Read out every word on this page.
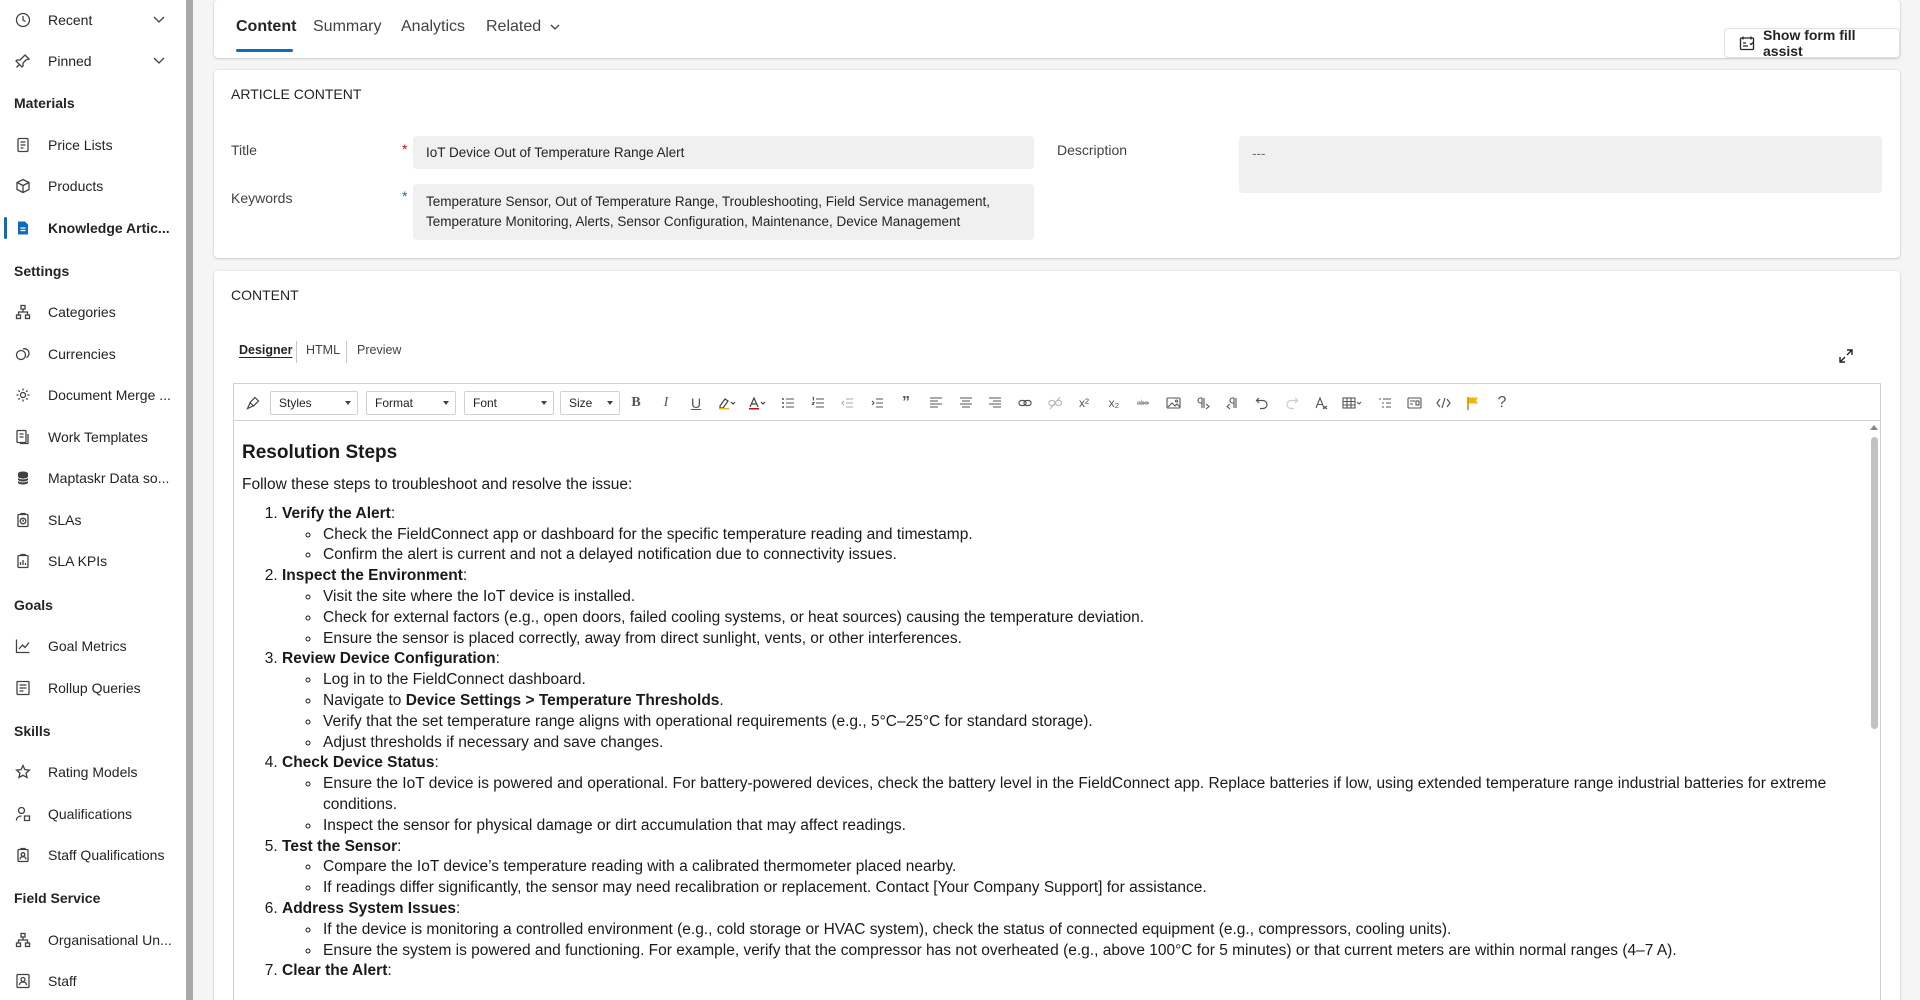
Recent
Pinned
Materials
Price Lists
Products
Knowledge Artic...
Settings
Categories
Currencies
Document Merge ...
Work Templates
Maptaskr Data so...
SLAs
SLA KPIs
Goals
Goal Metrics
Rollup Queries
Skills
Rating Models
Qualifications
Staff Qualifications
Field Service
Organisational Un...
Staff
Content Summary Analytics Related	Show form fill assist
ARTICLE CONTENT
Title	*	IoT Device Out of Temperature Range Alert
Keywords	*	Temperature Sensor, Out of Temperature Range, Troubleshooting, Field Service management, Temperature Monitoring, Alerts, Sensor Configuration, Maintenance, Device Management
Description	---
CONTENT
Designer HTML Preview
Styles	Format	Font	Size	B	I	U	”	x²	x₂	abc	?
Resolution Steps

Follow these steps to troubleshoot and resolve the issue:

1. Verify the Alert:
◦ Check the FieldConnect app or dashboard for the specific temperature reading and timestamp.
◦ Confirm the alert is current and not a delayed notification due to connectivity issues.
2. Inspect the Environment:
◦ Visit the site where the IoT device is installed.
◦ Check for external factors (e.g., open doors, failed cooling systems, or heat sources) causing the temperature deviation.
◦ Ensure the sensor is placed correctly, away from direct sunlight, vents, or other interferences.
3. Review Device Configuration:
◦ Log in to the FieldConnect dashboard.
◦ Navigate to Device Settings > Temperature Thresholds.
◦ Verify that the set temperature range aligns with operational requirements (e.g., 5°C–25°C for standard storage).
◦ Adjust thresholds if necessary and save changes.
4. Check Device Status:
◦ Ensure the IoT device is powered and operational. For battery-powered devices, check the battery level in the FieldConnect app. Replace batteries if low, using extended temperature range industrial batteries for extreme conditions.
◦ Inspect the sensor for physical damage or dirt accumulation that may affect readings.
5. Test the Sensor:
◦ Compare the IoT device’s temperature reading with a calibrated thermometer placed nearby.
◦ If readings differ significantly, the sensor may need recalibration or replacement. Contact [Your Company Support] for assistance.
6. Address System Issues:
◦ If the device is monitoring a controlled environment (e.g., cold storage or HVAC system), check the status of connected equipment (e.g., compressors, cooling units).
◦ Ensure the system is powered and functioning. For example, verify that the compressor has not overheated (e.g., above 100°C for 5 minutes) or that current meters are within normal ranges (4–7 A).
7. Clear the Alert:
